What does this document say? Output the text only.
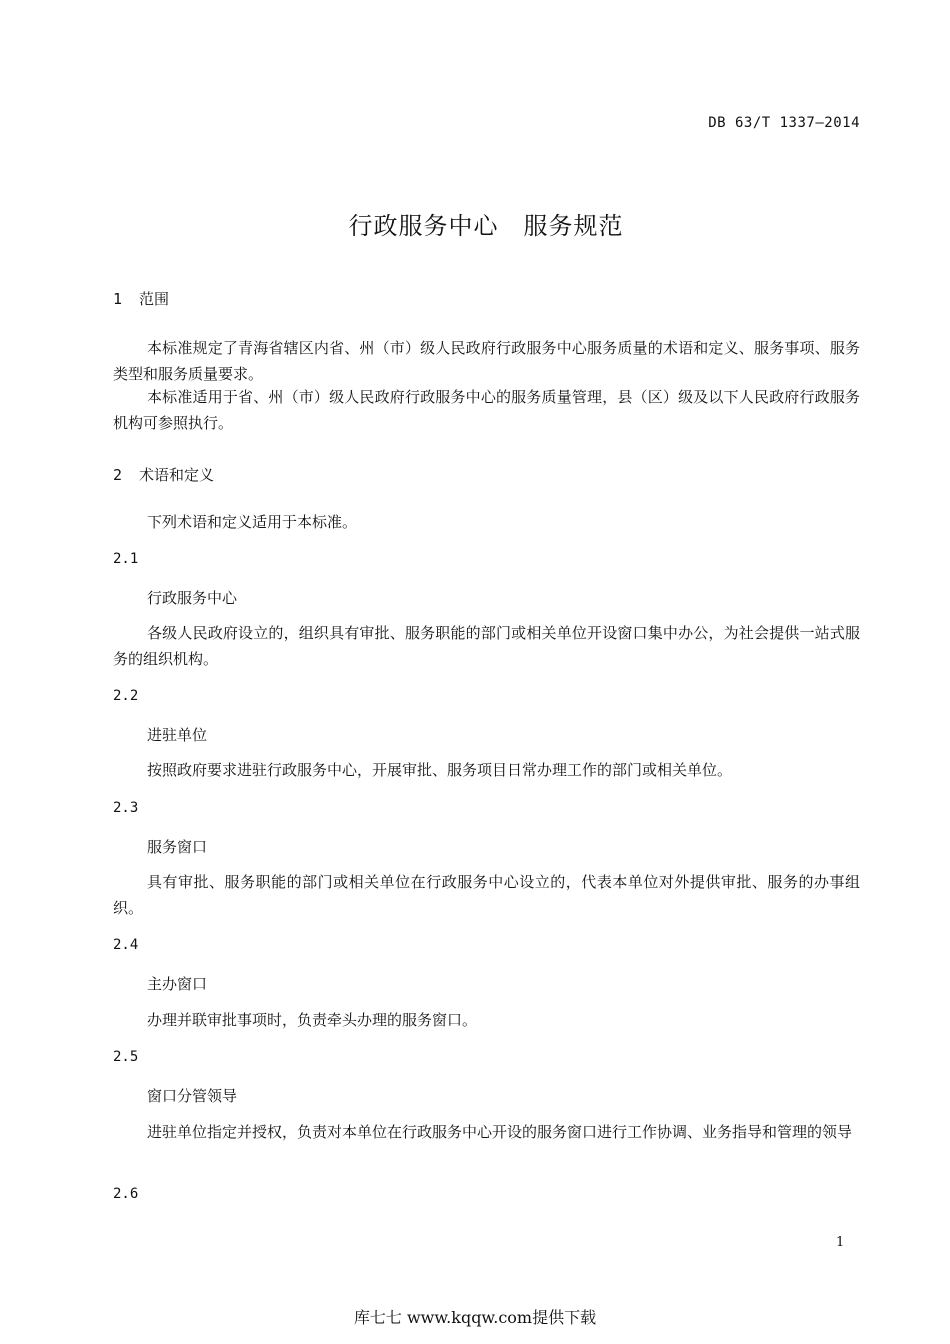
DB 63/T 1337—2014
行政服务中心　服务规范
1 范围
本标准规定了青海省辖区内省、州（市）级人民政府行政服务中心服务质量的术语和定义、服务事项、服务类型和服务质量要求。
本标准适用于省、州（市）级人民政府行政服务中心的服务质量管理，县（区）级及以下人民政府行政服务机构可参照执行。
2 术语和定义
下列术语和定义适用于本标准。
2.1
行政服务中心
各级人民政府设立的，组织具有审批、服务职能的部门或相关单位开设窗口集中办公，为社会提供一站式服务的组织机构。
2.2
进驻单位
按照政府要求进驻行政服务中心，开展审批、服务项目日常办理工作的部门或相关单位。
2.3
服务窗口
具有审批、服务职能的部门或相关单位在行政服务中心设立的，代表本单位对外提供审批、服务的办事组织。
2.4
主办窗口
办理并联审批事项时，负责牵头办理的服务窗口。
2.5
窗口分管领导
进驻单位指定并授权，负责对本单位在行政服务中心开设的服务窗口进行工作协调、业务指导和管理的领导
2.6
1
库七七 www.kqqw.com提供下载
